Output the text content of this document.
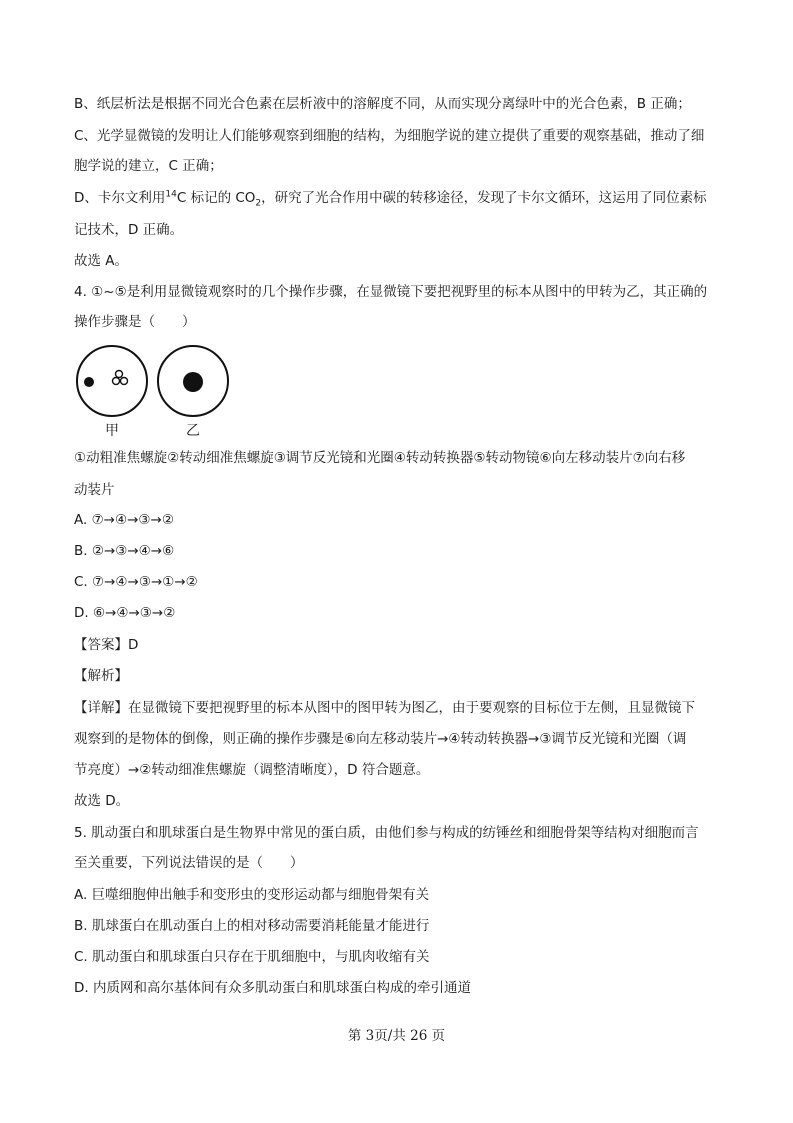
B、纸层析法是根据不同光合色素在层析液中的溶解度不同，从而实现分离绿叶中的光合色素，B 正确；
C、光学显微镜的发明让人们能够观察到细胞的结构，为细胞学说的建立提供了重要的观察基础，推动了细
胞学说的建立，C 正确；
D、卡尔文利用$^{14}$C 标记的 $CO_2$，研究了光合作用中碳的转移途径，发现了卡尔文循环，这运用了同位素标
记技术，D 正确。
故选 A。
4. ①~⑤是利用显微镜观察时的几个操作步骤，在显微镜下要把视野里的标本从图中的甲转为乙，其正确的
操作步骤是（　　）
甲	乙
①动粗准焦螺旋②转动细准焦螺旋③调节反光镜和光圈④转动转换器⑤转动物镜⑥向左移动装片⑦向右移
动装片
A. ⑦→④→③→②
B. ②→③→④→⑥
C. ⑦→④→③→①→②
D. ⑥→④→③→②
【答案】D
【解析】
【详解】在显微镜下要把视野里的标本从图中的图甲转为图乙，由于要观察的目标位于左侧，且显微镜下
观察到的是物体的倒像，则正确的操作步骤是⑥向左移动装片→④转动转换器→③调节反光镜和光圈（调
节亮度）→②转动细准焦螺旋（调整清晰度），D 符合题意。
故选 D。
5. 肌动蛋白和肌球蛋白是生物界中常见的蛋白质，由他们参与构成的纺锤丝和细胞骨架等结构对细胞而言
至关重要，下列说法错误的是（　　）
A. 巨噬细胞伸出触手和变形虫的变形运动都与细胞骨架有关
B. 肌球蛋白在肌动蛋白上的相对移动需要消耗能量才能进行
C. 肌动蛋白和肌球蛋白只存在于肌细胞中，与肌肉收缩有关
D. 内质网和高尔基体间有众多肌动蛋白和肌球蛋白构成的牵引通道
第 3页/共 26 页
